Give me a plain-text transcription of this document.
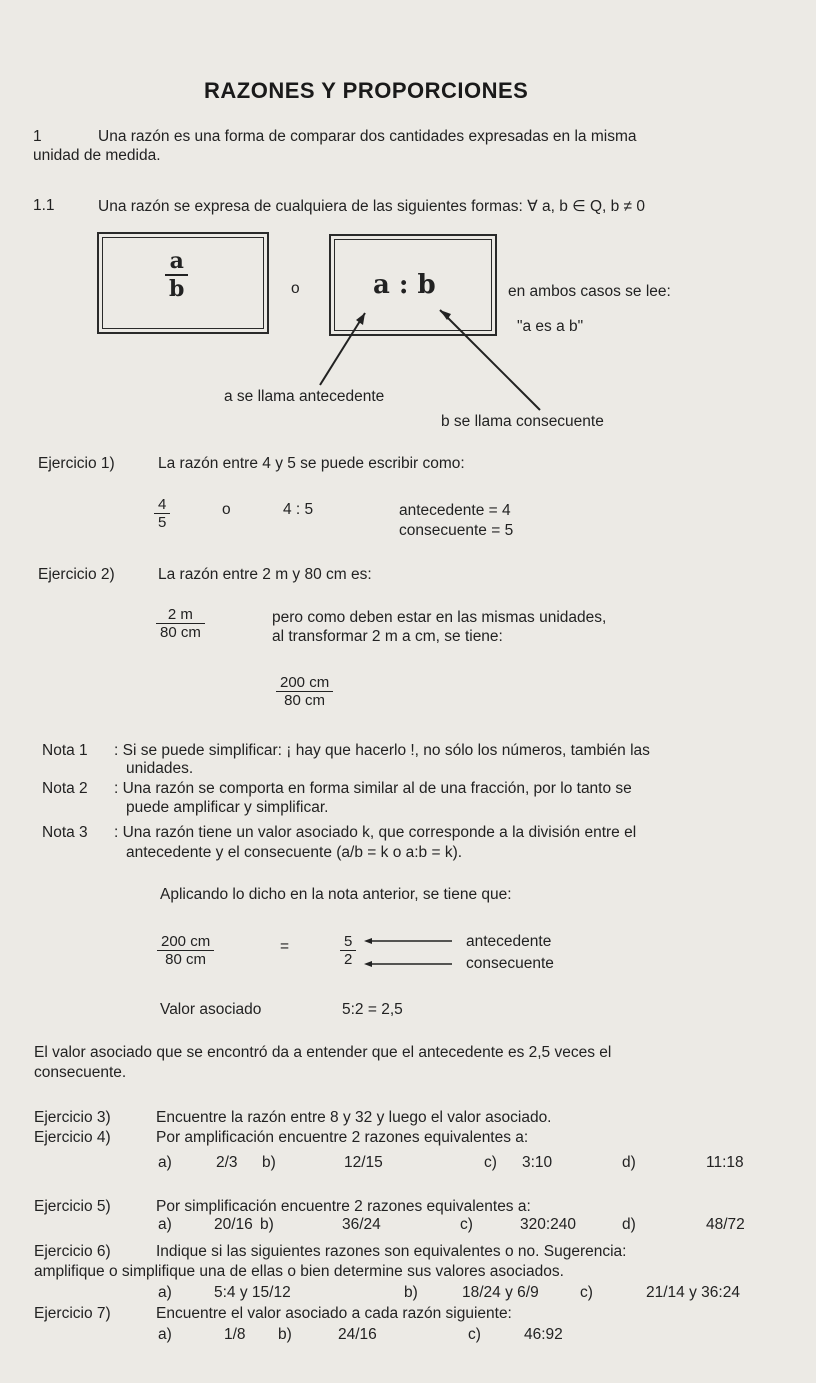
RAZONES Y PROPORCIONES
1	Una razón es una forma de comparar dos cantidades expresadas en la misma
unidad de medida.
1.1	Una razón se expresa de cualquiera de las siguientes formas: ∀ a, b ∈ Q, b ≠ 0
$\frac{a}{b}$	o	a : b	en ambos casos se lee:
"a es a b"
a se llama antecedente
b se llama consecuente
Ejercicio 1)	La razón entre 4 y 5 se puede escribir como:
$\frac{4}{5}$	o	4 : 5	antecedente = 4
consecuente = 5
Ejercicio 2)	La razón entre 2 m y 80 cm es:
$\frac{2 m}{80 cm}$	pero como deben estar en las mismas unidades,
al transformar 2 m a cm, se tiene:
$\frac{200 cm}{80 cm}$
Nota 1 : Si se puede simplificar: ¡ hay que hacerlo !, no sólo los números, también las
unidades.
Nota 2 : Una razón se comporta en forma similar al de una fracción, por lo tanto se
puede amplificar y simplificar.
Nota 3 : Una razón tiene un valor asociado k, que corresponde a la división entre el
antecedente y el consecuente (a/b = k o a:b = k).
Aplicando lo dicho en la nota anterior, se tiene que:
$\frac{200 cm}{80 cm}$	=	$\frac{5}{2}$	antecedente
consecuente
Valor asociado	5:2 = 2,5
El valor asociado que se encontró da a entender que el antecedente es 2,5 veces el
consecuente.
Ejercicio 3)	Encuentre la razón entre 8 y 32 y luego el valor asociado.
Ejercicio 4)	Por amplificación encuentre 2 razones equivalentes a:
a)	2/3 b)	12/15	c) 3:10	d)	11:18
Ejercicio 5)	Por simplificación encuentre 2 razones equivalentes a:
a)	20/16 b)	36/24	c)	320:240	d)	48/72
Ejercicio 6)	Indique si las siguientes razones son equivalentes o no. Sugerencia:
amplifique o simplifique una de ellas o bien determine sus valores asociados.
a)	5:4 y 15/12	b)	18/24 y 6/9	c)	21/14 y 36:24
Ejercicio 7)	Encuentre el valor asociado a cada razón siguiente:
a)	1/8 b)	24/16	c)	46:92
